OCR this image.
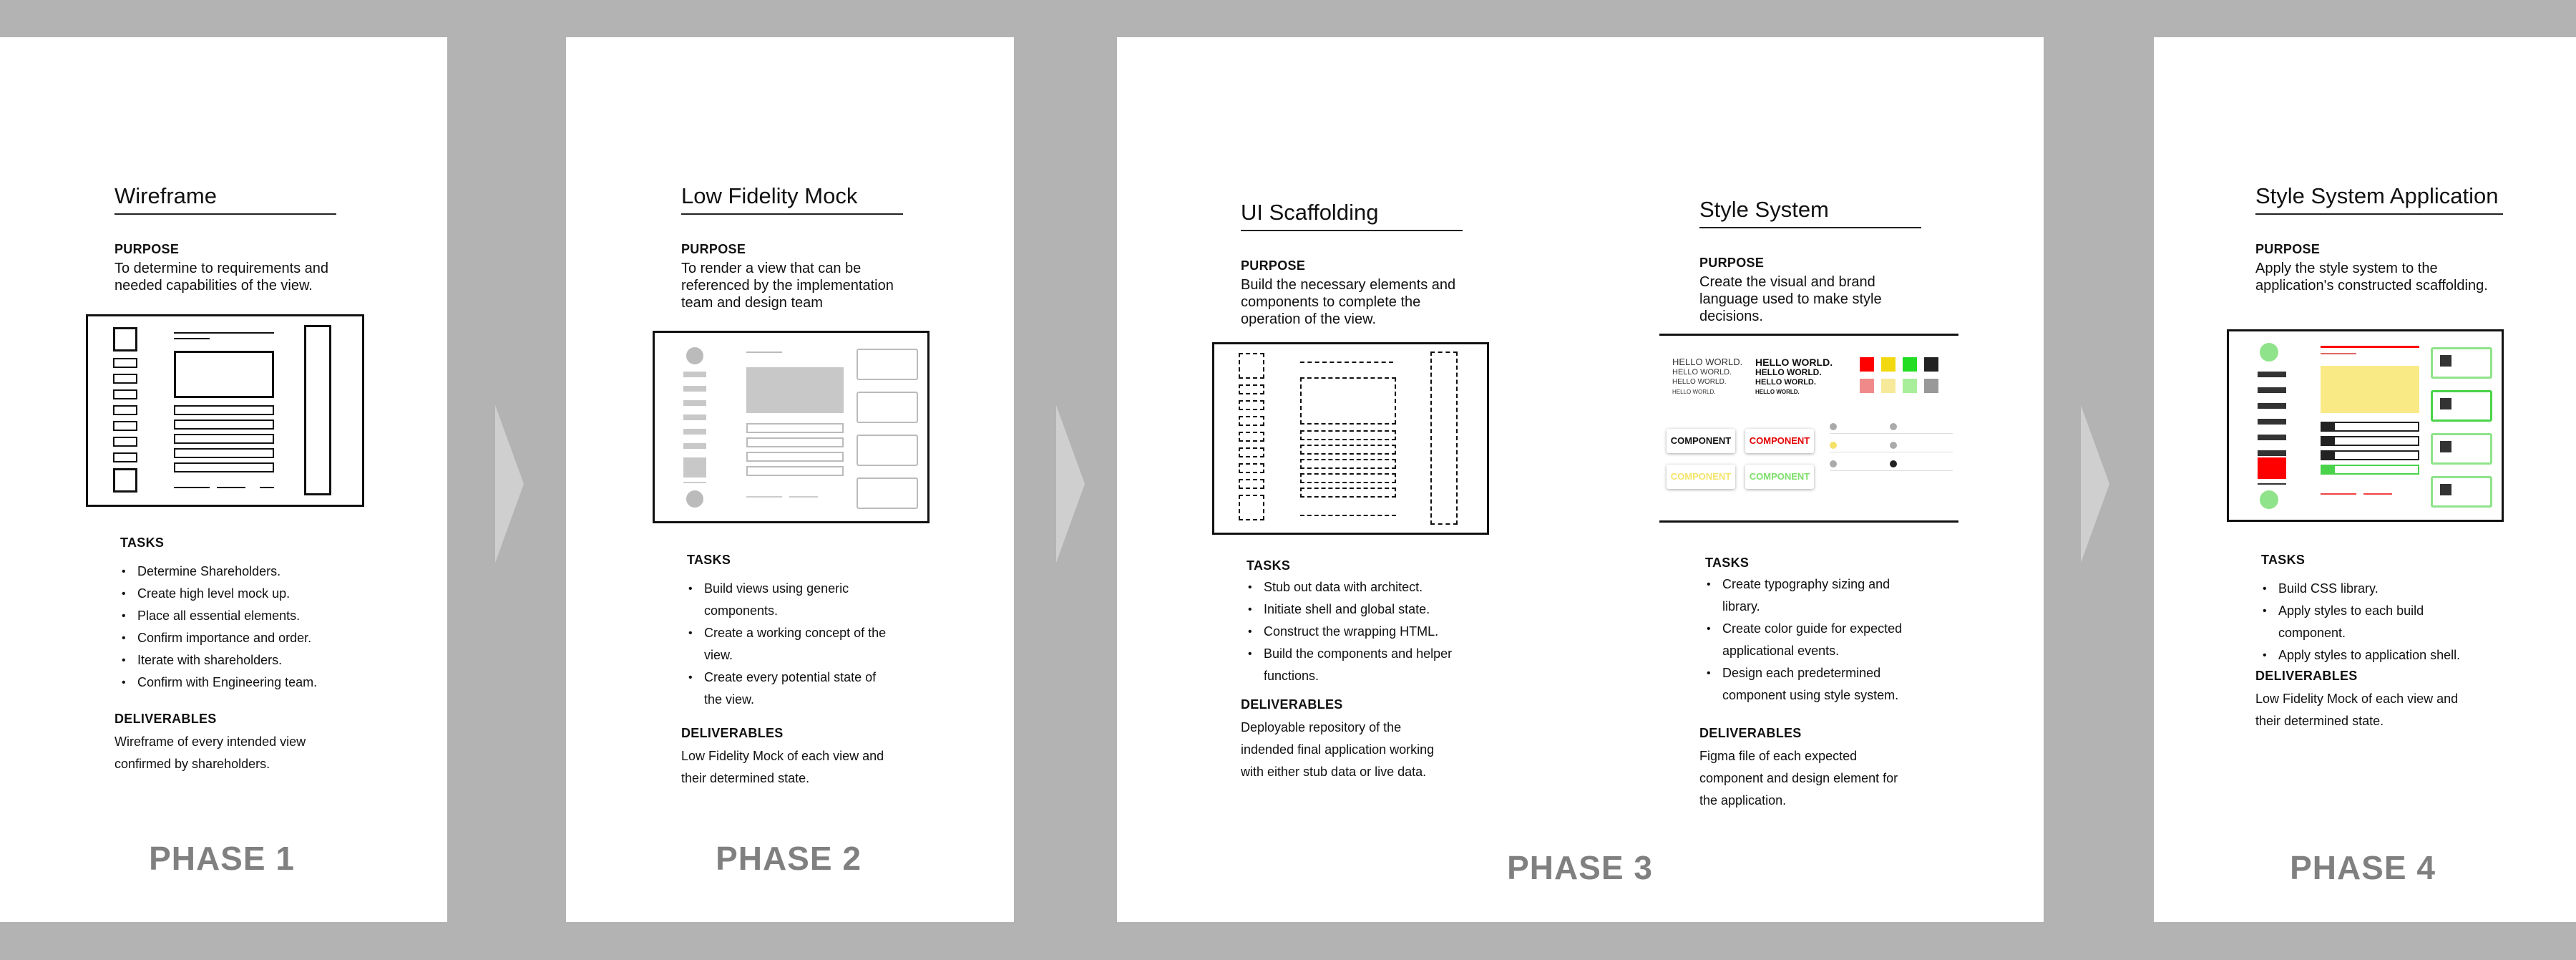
Wireframe
PURPOSE
To determine to requirements and needed capabilities of the view.
TASKS
• Determine Shareholders.
• Create high level mock up.
• Place all essential elements.
• Confirm importance and order.
• Iterate with shareholders.
• Confirm with Engineering team.
DELIVERABLES
Wireframe of every intended view confirmed by shareholders.
PHASE 1
Low Fidelity Mock
PURPOSE
To render a view that can be referenced by the implementation team and design team
TASKS
• Build views using generic components.
• Create a working concept of the view.
• Create every potential state of the view.
DELIVERABLES
Low Fidelity Mock of each view and their determined state.
PHASE 2
UI Scaffolding
PURPOSE
Build the necessary elements and components to complete the operation of the view.
TASKS
• Stub out data with architect.
• Initiate shell and global state.
• Construct the wrapping HTML.
• Build the components and helper functions.
DELIVERABLES
Deployable repository of the indended final application working with either stub data or live data.
Style System
PURPOSE
Create the visual and brand language used to make style decisions.
HELLO WORLD.
HELLO WORLD.
HELLO WORLD.
HELLO WORLD.
HELLO WORLD.
HELLO WORLD.
HELLO WORLD.
HELLO WORLD.
COMPONENT	COMPONENT
COMPONENT	COMPONENT
TASKS
• Create typography sizing and library.
• Create color guide for expected applicational events.
• Design each predetermined component using style system.
DELIVERABLES
Figma file of each expected component and design element for the application.
PHASE 3
Style System Application
PURPOSE
Apply the style system to the application's constructed scaffolding.
TASKS
• Build CSS library.
• Apply styles to each build component.
• Apply styles to application shell.
DELIVERABLES
Low Fidelity Mock of each view and their determined state.
PHASE 4
